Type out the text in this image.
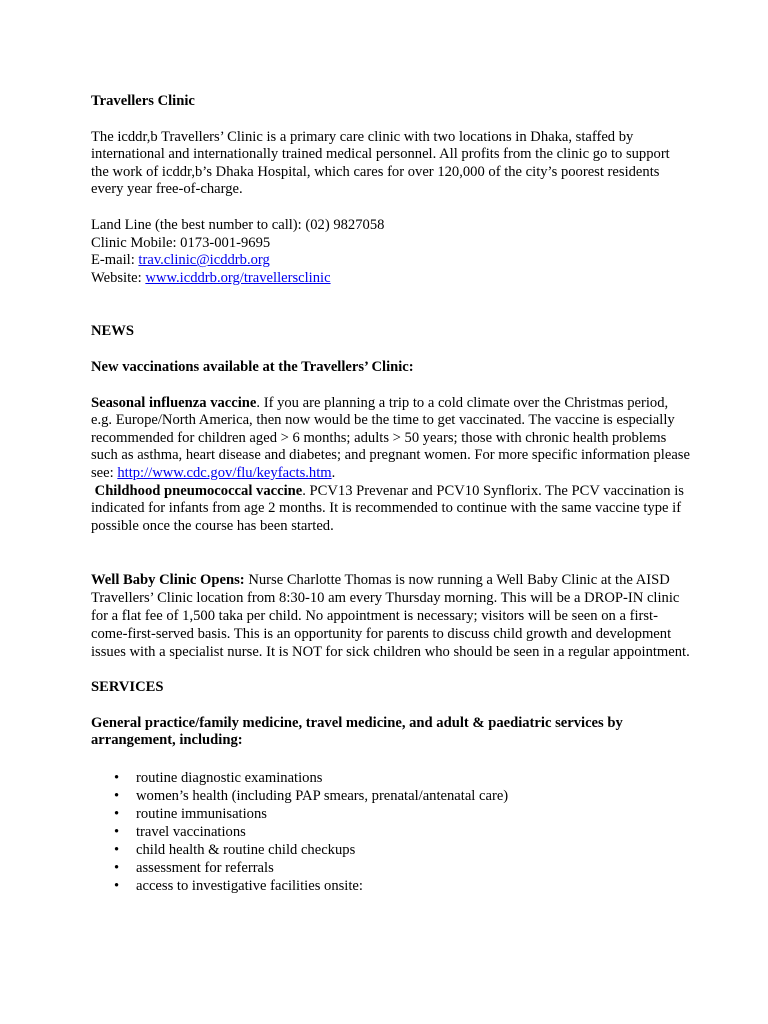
Travellers Clinic

The icddr,b Travellers’ Clinic is a primary care clinic with two locations in Dhaka, staffed by international and internationally trained medical personnel. All profits from the clinic go to support the work of icddr,b’s Dhaka Hospital, which cares for over 120,000 of the city’s poorest residents every year free-of-charge.

Land Line (the best number to call): (02) 9827058

Clinic Mobile: 0173-001-9695

E-mail: trav.clinic@icddrb.org

Website: www.icddrb.org/travellersclinic

NEWS

New vaccinations available at the Travellers’ Clinic:

Seasonal influenza vaccine. If you are planning a trip to a cold climate over the Christmas period, e.g. Europe/North America, then now would be the time to get vaccinated. The vaccine is especially recommended for children aged > 6 months; adults > 50 years; those with chronic health problems such as asthma, heart disease and diabetes; and pregnant women. For more specific information please see: http://www.cdc.gov/flu/keyfacts.htm.

Childhood pneumococcal vaccine. PCV13 Prevenar and PCV10 Synflorix. The PCV vaccination is indicated for infants from age 2 months. It is recommended to continue with the same vaccine type if possible once the course has been started.

Well Baby Clinic Opens: Nurse Charlotte Thomas is now running a Well Baby Clinic at the AISD Travellers’ Clinic location from 8:30-10 am every Thursday morning. This will be a DROP-IN clinic for a flat fee of 1,500 taka per child. No appointment is necessary; visitors will be seen on a first-come-first-served basis. This is an opportunity for parents to discuss child growth and development issues with a specialist nurse. It is NOT for sick children who should be seen in a regular appointment.

SERVICES

General practice/family medicine, travel medicine, and adult & paediatric services by arrangement, including:

• routine diagnostic examinations
• women’s health (including PAP smears, prenatal/antenatal care)
• routine immunisations
• travel vaccinations
• child health & routine child checkups
• assessment for referrals
• access to investigative facilities onsite:
